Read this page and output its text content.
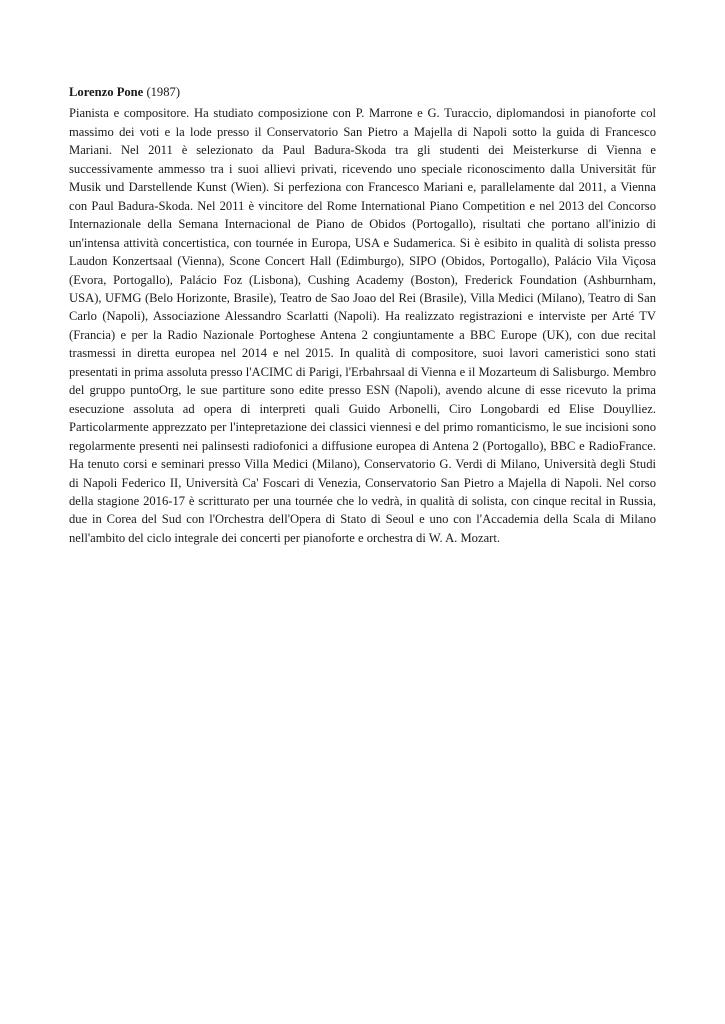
Lorenzo Pone (1987)

Pianista e compositore. Ha studiato composizione con P. Marrone e G. Turaccio, diplomandosi in pianoforte col massimo dei voti e la lode presso il Conservatorio San Pietro a Majella di Napoli sotto la guida di Francesco Mariani. Nel 2011 è selezionato da Paul Badura-Skoda tra gli studenti dei Meisterkurse di Vienna e successivamente ammesso tra i suoi allievi privati, ricevendo uno speciale riconoscimento dalla Universität für Musik und Darstellende Kunst (Wien). Si perfeziona con Francesco Mariani e, parallelamente dal 2011, a Vienna con Paul Badura-Skoda. Nel 2011 è vincitore del Rome International Piano Competition e nel 2013 del Concorso Internazionale della Semana Internacional de Piano de Obidos (Portogallo), risultati che portano all'inizio di un'intensa attività concertistica, con tournée in Europa, USA e Sudamerica. Si è esibito in qualità di solista presso Laudon Konzertsaal (Vienna), Scone Concert Hall (Edimburgo), SIPO (Obidos, Portogallo), Palácio Vila Viçosa (Evora, Portogallo), Palácio Foz (Lisbona), Cushing Academy (Boston), Frederick Foundation (Ashburnham, USA), UFMG (Belo Horizonte, Brasile), Teatro de Sao Joao del Rei (Brasile), Villa Medici (Milano), Teatro di San Carlo (Napoli), Associazione Alessandro Scarlatti (Napoli). Ha realizzato registrazioni e interviste per Arté TV (Francia) e per la Radio Nazionale Portoghese Antena 2 congiuntamente a BBC Europe (UK), con due recital trasmessi in diretta europea nel 2014 e nel 2015. In qualità di compositore, suoi lavori cameristici sono stati presentati in prima assoluta presso l'ACIMC di Parigi, l'Erbahrsaal di Vienna e il Mozarteum di Salisburgo. Membro del gruppo puntoOrg, le sue partiture sono edite presso ESN (Napoli), avendo alcune di esse ricevuto la prima esecuzione assoluta ad opera di interpreti quali Guido Arbonelli, Ciro Longobardi ed Elise Douylliez. Particolarmente apprezzato per l'intepretazione dei classici viennesi e del primo romanticismo, le sue incisioni sono regolarmente presenti nei palinsesti radiofonici a diffusione europea di Antena 2 (Portogallo), BBC e RadioFrance. Ha tenuto corsi e seminari presso Villa Medici (Milano), Conservatorio G. Verdi di Milano, Università degli Studi di Napoli Federico II, Università Ca' Foscari di Venezia, Conservatorio San Pietro a Majella di Napoli. Nel corso della stagione 2016-17 è scritturato per una tournée che lo vedrà, in qualità di solista, con cinque recital in Russia, due in Corea del Sud con l'Orchestra dell'Opera di Stato di Seoul e uno con l'Accademia della Scala di Milano nell'ambito del ciclo integrale dei concerti per pianoforte e orchestra di W. A. Mozart.
